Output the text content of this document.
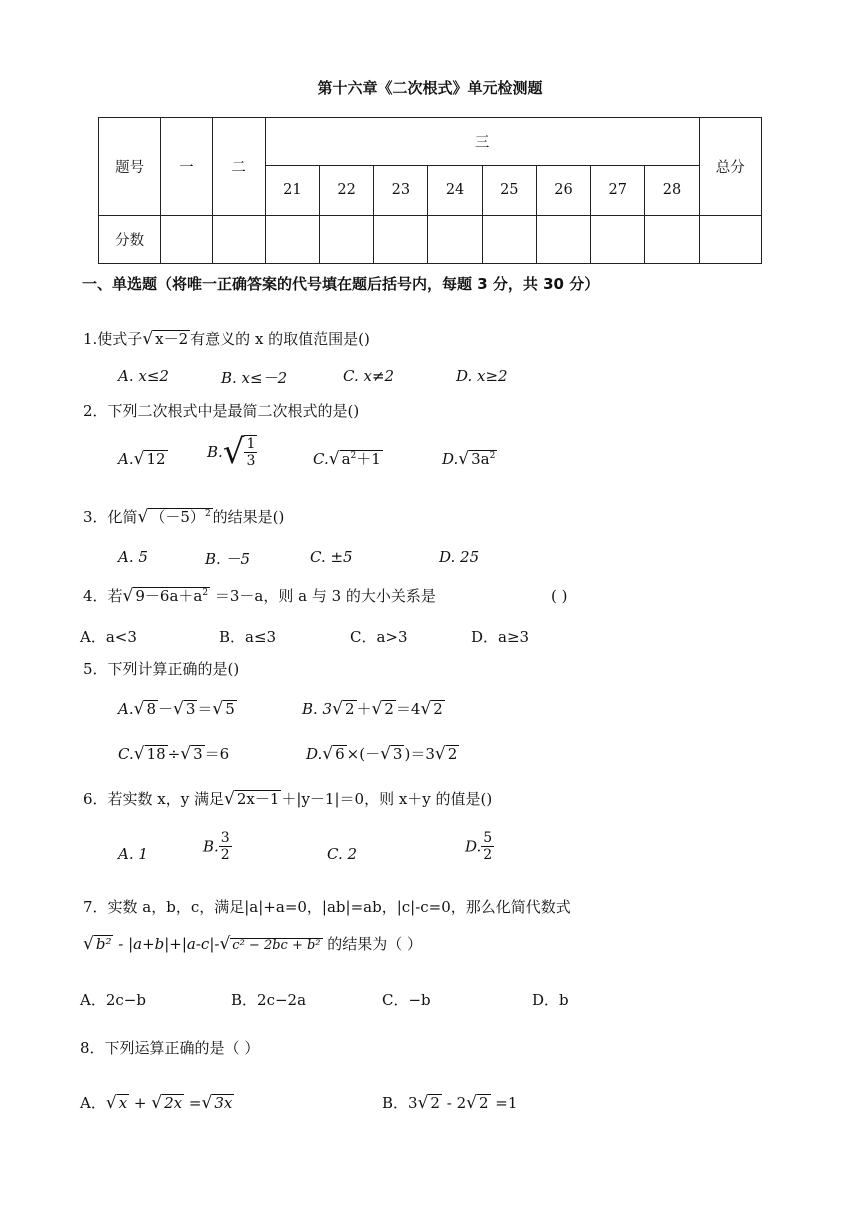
第十六章《二次根式》单元检测题
题号	一	二	三								总分
			21	22	23	24	25	26	27	28	
分数											
一、单选题（将唯一正确答案的代号填在题后括号内，每题 3 分，共 30 分）
1.使式子√ x－2 有意义的 x 的取值范围是()
A. x≤2	B. x≤－2	C. x≠2	D. x≥2
2．下列二次根式中是最简二次根式的是()
A.√ 12	$B.√ \frac{1}{3}$	C.√ $a^2+1$	D.√ $3a^2$
3．化简√ $(-5)^2$ 的结果是()
A. 5	B. －5	C. ±5	D. 25
4．若√ $9-6a+a^2 =3-a$，则 a 与 3 的大小关系是	( )
A．a<3	B．a≤3	C．a>3	D．a≥3
5．下列计算正确的是()
A.√ 8 －√ 3 ＝√ 5	B. 3√ 2 ＋√ 2 ＝4√ 2
C.√ 18 ÷√ 3 ＝6	D.√ 6 ×(－√ 3 )＝3√ 2
6．若实数 x，y 满足√ 2x－1 ＋|y－1|＝0，则 x＋y 的值是()
A. 1	B. $\frac{3}{2}$	C. 2	D. $\frac{5}{2}$
7．实数 a，b，c，满足|a|+a=0，|ab|=ab，|c|-c=0，那么化简代数式
√ b² - |a+b|+|a-c|-√ c² − 2bc + b² 的结果为（ ）
A．2c−b	B．2c−2a	C．−b	D．b
8．下列运算正确的是（ ）
A．√ x + √ 2x =√ 3x	B．3√ 2 - 2√ 2 =1
